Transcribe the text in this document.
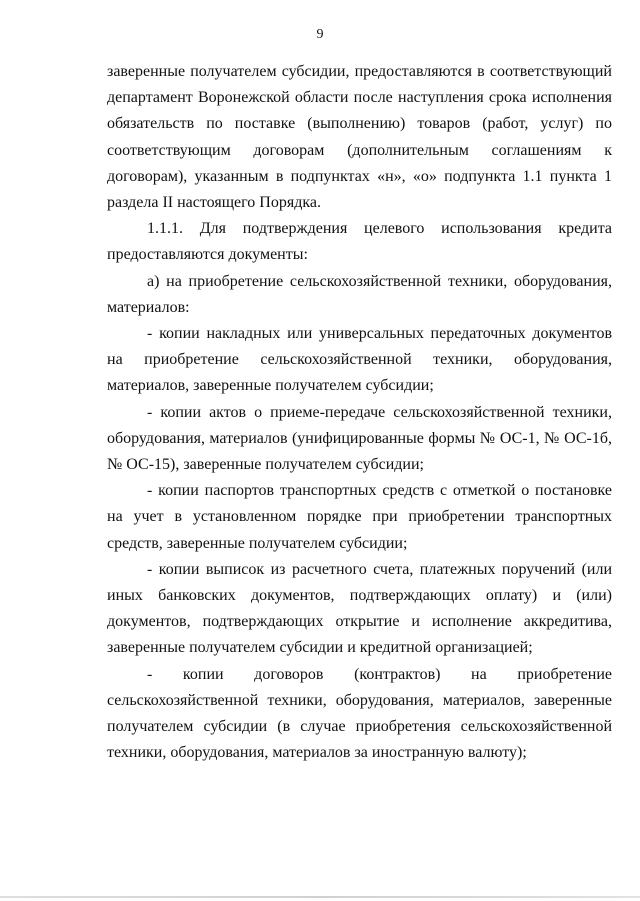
9

заверенные получателем субсидии, предоставляются в соответствующий департамент Воронежской области после наступления срока исполнения обязательств по поставке (выполнению) товаров (работ, услуг) по соответствующим договорам (дополнительным соглашениям к договорам), указанным в подпунктах «н», «о» подпункта 1.1 пункта 1 раздела II настоящего Порядка.

1.1.1. Для подтверждения целевого использования кредита предоставляются документы:

а) на приобретение сельскохозяйственной техники, оборудования, материалов:

- копии накладных или универсальных передаточных документов на приобретение сельскохозяйственной техники, оборудования, материалов, заверенные получателем субсидии;

- копии актов о приеме-передаче сельскохозяйственной техники, оборудования, материалов (унифицированные формы № ОС-1, № ОС-1б, № ОС-15), заверенные получателем субсидии;

- копии паспортов транспортных средств с отметкой о постановке на учет в установленном порядке при приобретении транспортных средств, заверенные получателем субсидии;

- копии выписок из расчетного счета, платежных поручений (или иных банковских документов, подтверждающих оплату) и (или) документов, подтверждающих открытие и исполнение аккредитива, заверенные получателем субсидии и кредитной организацией;

- копии договоров (контрактов) на приобретение сельскохозяйственной техники, оборудования, материалов, заверенные получателем субсидии (в случае приобретения сельскохозяйственной техники, оборудования, материалов за иностранную валюту);
